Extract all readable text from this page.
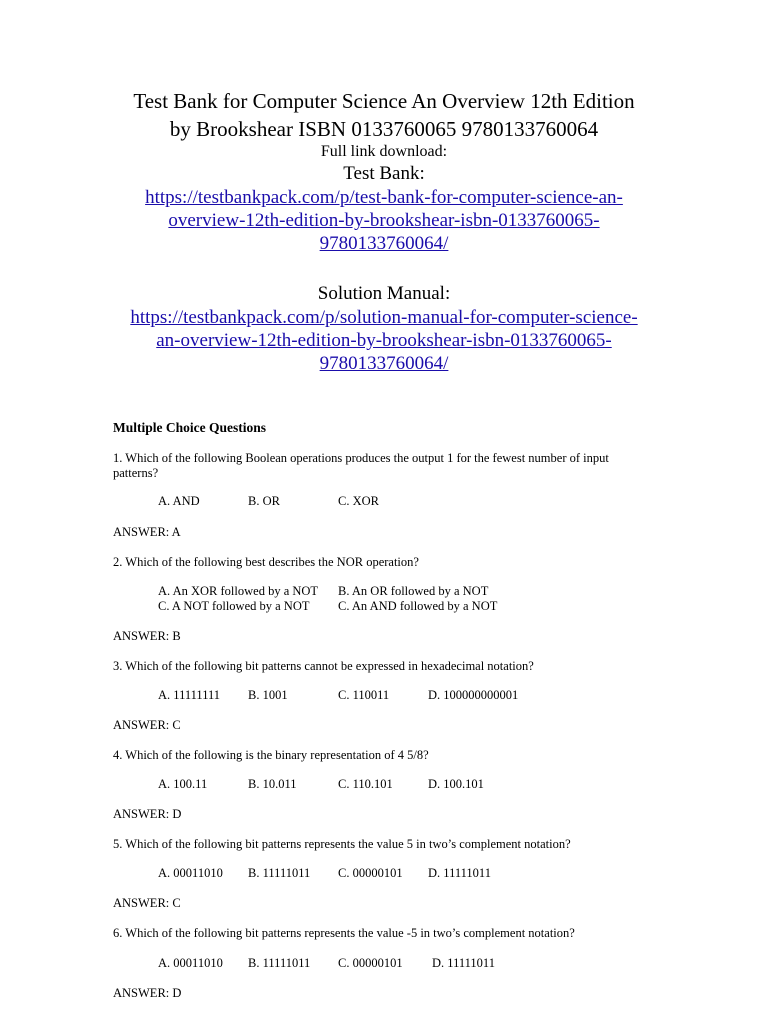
Test Bank for Computer Science An Overview 12th Edition
by Brookshear ISBN 0133760065 9780133760064
Full link download:
Test Bank:
https://testbankpack.com/p/test-bank-for-computer-science-an-
overview-12th-edition-by-brookshear-isbn-0133760065-
9780133760064/
Solution Manual:
https://testbankpack.com/p/solution-manual-for-computer-science-
an-overview-12th-edition-by-brookshear-isbn-0133760065-
9780133760064/
Multiple Choice Questions
1. Which of the following Boolean operations produces the output 1 for the fewest number of input
patterns?
A. AND	B. OR	C. XOR
ANSWER: A
2. Which of the following best describes the NOR operation?
A. An XOR followed by a NOT B. An OR followed by a NOT
C. A NOT followed by a NOT C. An AND followed by a NOT
ANSWER: B
3. Which of the following bit patterns cannot be expressed in hexadecimal notation?
A. 11111111 B. 1001	C. 110011	D. 100000000001
ANSWER: C
4. Which of the following is the binary representation of 4 5/8?
A. 100.11	B. 10.011	C. 110.101	D. 100.101
ANSWER: D
5. Which of the following bit patterns represents the value 5 in two’s complement notation?
A. 00011010 B. 11111011 C. 00000101 D. 11111011
ANSWER: C
6. Which of the following bit patterns represents the value -5 in two’s complement notation?
A. 00011010 B. 11111011 C. 00000101 D. 11111011
ANSWER: D
